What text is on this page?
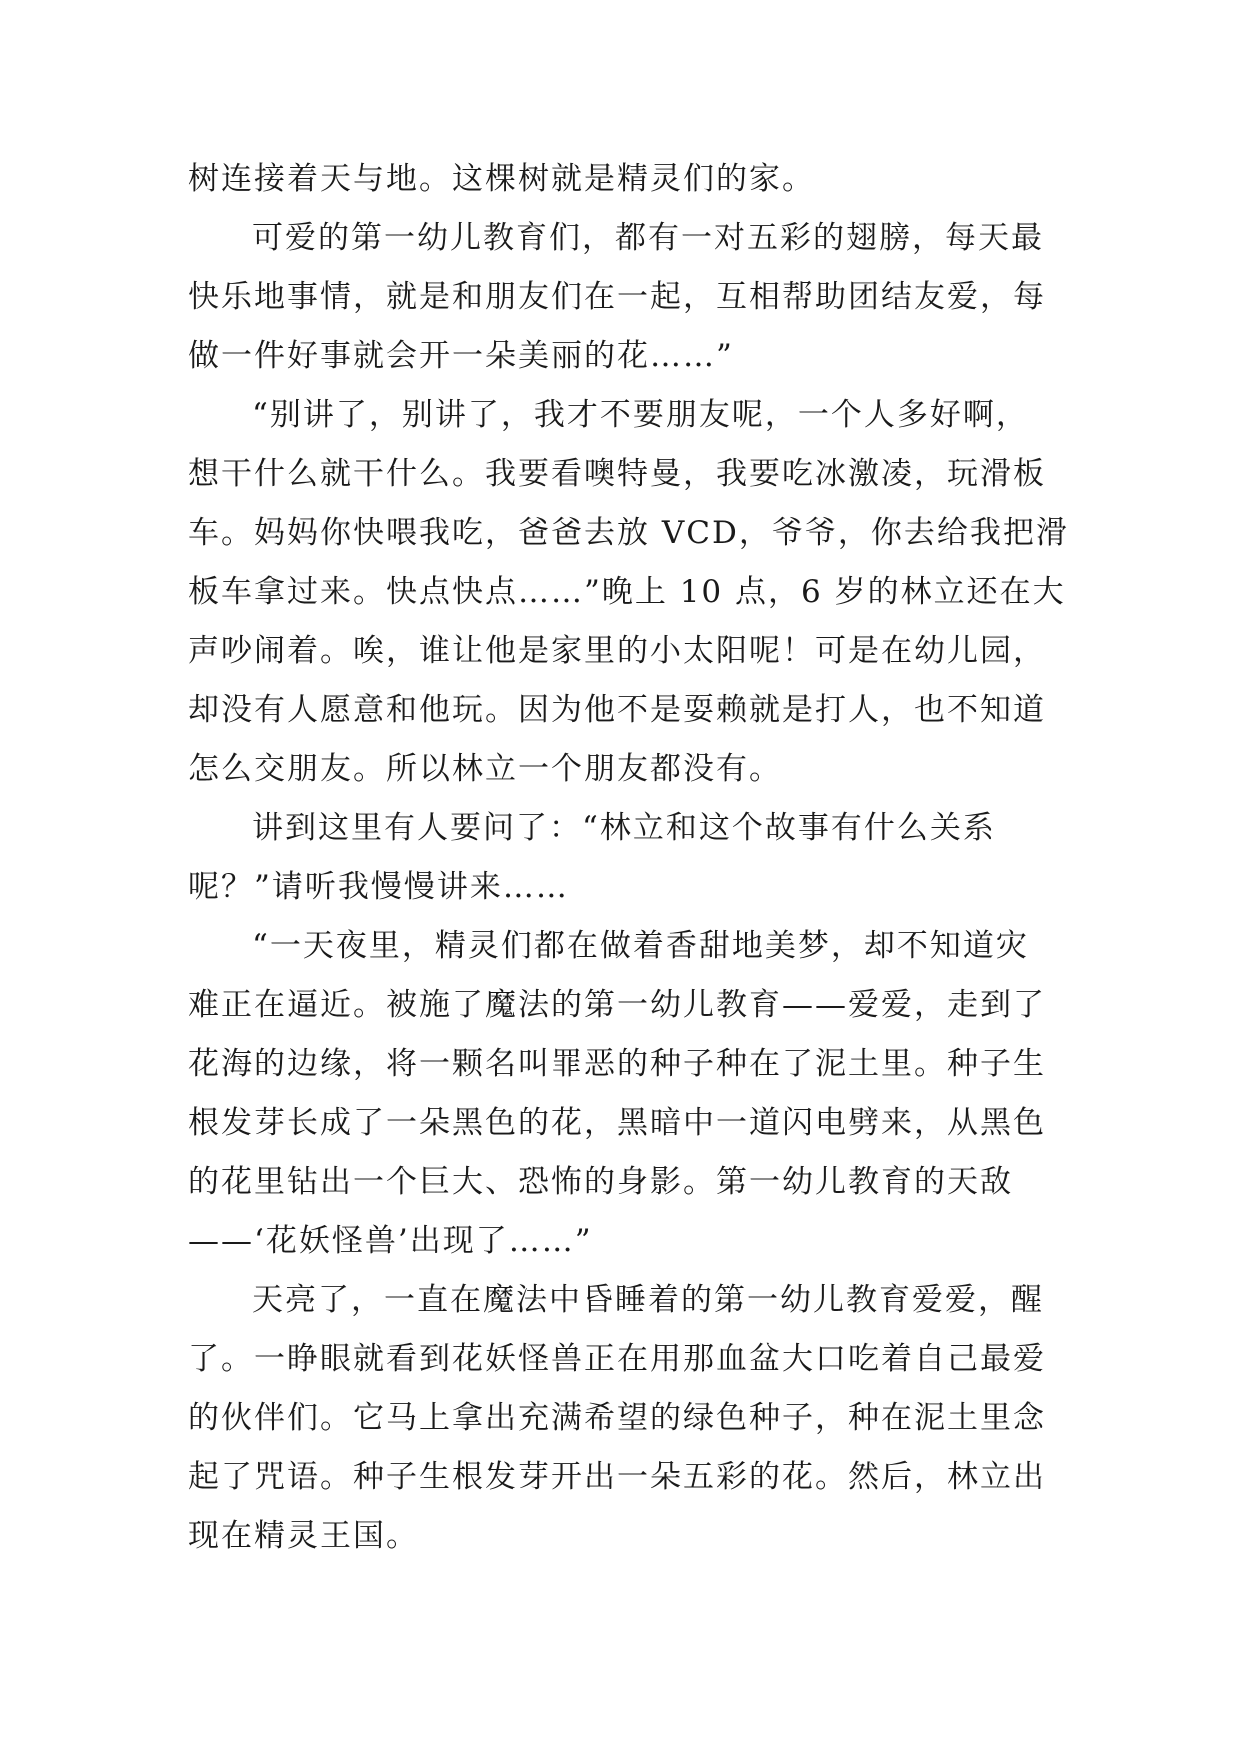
树连接着天与地。这棵树就是精灵们的家。
可爱的第一幼儿教育们，都有一对五彩的翅膀，每天最
快乐地事情，就是和朋友们在一起，互相帮助团结友爱，每
做一件好事就会开一朵美丽的花……”
“别讲了，别讲了，我才不要朋友呢，一个人多好啊，
想干什么就干什么。我要看噢特曼，我要吃冰激凌，玩滑板
车。妈妈你快喂我吃，爸爸去放 VCD，爷爷，你去给我把滑
板车拿过来。快点快点……”晚上 10 点，6 岁的林立还在大
声吵闹着。唉，谁让他是家里的小太阳呢！可是在幼儿园，
却没有人愿意和他玩。因为他不是耍赖就是打人，也不知道
怎么交朋友。所以林立一个朋友都没有。
讲到这里有人要问了：“林立和这个故事有什么关系
呢？”请听我慢慢讲来……
“一天夜里，精灵们都在做着香甜地美梦，却不知道灾
难正在逼近。被施了魔法的第一幼儿教育——爱爱，走到了
花海的边缘，将一颗名叫罪恶的种子种在了泥土里。种子生
根发芽长成了一朵黑色的花，黑暗中一道闪电劈来，从黑色
的花里钻出一个巨大、恐怖的身影。第一幼儿教育的天敌
——‘花妖怪兽’出现了……”
天亮了，一直在魔法中昏睡着的第一幼儿教育爱爱，醒
了。一睁眼就看到花妖怪兽正在用那血盆大口吃着自己最爱
的伙伴们。它马上拿出充满希望的绿色种子，种在泥土里念
起了咒语。种子生根发芽开出一朵五彩的花。然后，林立出
现在精灵王国。
